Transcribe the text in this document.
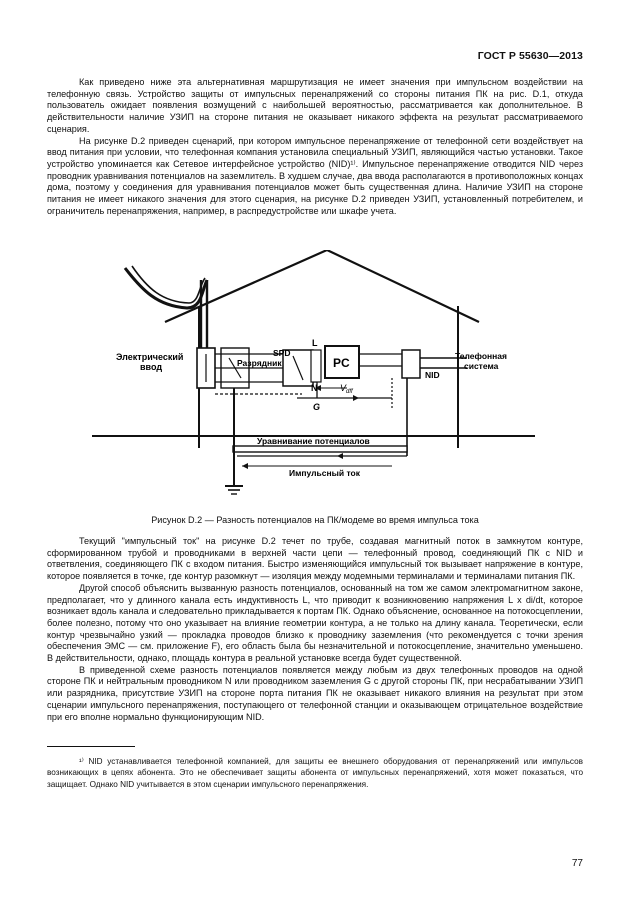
ГОСТ Р 55630—2013

Как приведено ниже эта альтернативная маршрутизация не имеет значения при импульсном воздействии на телефонную связь. Устройство защиты от импульсных перенапряжений со стороны питания ПК на рис. D.1, откуда пользователь ожидает появления возмущений с наибольшей вероятностью, рассматривается как дополнительное. В действительности наличие УЗИП на стороне питания не оказывает никакого эффекта на результат рассматриваемого сценария.

На рисунке D.2 приведен сценарий, при котором импульсное перенапряжение от телефонной сети воздействует на ввод питания при условии, что телефонная компания установила специальный УЗИП, являющийся частью установки. Такое устройство упоминается как Сетевое интерфейсное устройство (NID)¹⁾. Импульсное перенапряжение отводится NID через проводник уравнивания потенциалов на заземлитель. В худшем случае, два ввода располагаются в противоположных концах дома, поэтому у соединения для уравнивания потенциалов может быть существенная длина. Наличие УЗИП на стороне питания не имеет никакого значения для этого сценария, на рисунке D.2 приведен УЗИП, установленный потребителем, и ограничитель перенапряжения, например, в распредустройстве или шкафе учета.

Электрический
ввод
SPD
Разрядник	PC
L
N
G
NID
$V_{dff}$
Телефонная
система
Уравнивание потенциалов
Импульсный ток
Рисунок D.2 — Разность потенциалов на ПК/модеме во время импульса тока

Текущий "импульсный ток" на рисунке D.2 течет по трубе, создавая магнитный поток в замкнутом контуре, сформированном трубой и проводниками в верхней части цепи — телефонный провод, соединяющий ПК с NID и ответвления, соединяющего ПК с входом питания. Быстро изменяющийся импульсный ток вызывает напряжение в контуре, которое появляется в точке, где контур разомкнут — изоляция между модемными терминалами и терминалами питания ПК.

Другой способ объяснить вызванную разность потенциалов, основанный на том же самом электромагнитном законе, предполагает, что у длинного канала есть индуктивность L, что приводит к возникновению напряжения L x di/dt, которое возникает вдоль канала и следовательно прикладывается к портам ПК. Однако объяснение, основанное на потокосцеплении, более полезно, потому что оно указывает на влияние геометрии контура, а не только на длину канала. Теоретически, если контур чрезвычайно узкий — прокладка проводов близко к проводнику заземления (что рекомендуется с точки зрения обеспечения ЭМС — см. приложение F), его область была бы незначительной и потокосцепление, значительно уменьшено. В действительности, однако, площадь контура в реальной установке всегда будет существенной.

В приведенной схеме разность потенциалов появляется между любым из двух телефонных проводов на одной стороне ПК и нейтральным проводником N или проводником заземления G с другой стороны ПК, при несрабатывании УЗИП или разрядника, присутствие УЗИП на стороне порта питания ПК не оказывает никакого влияния на результат при этом сценарии импульсного перенапряжения, поступающего от телефонной станции и оказывающем отрицательное воздействие при его вполне нормально функционирующим NID.

¹⁾ NID устанавливается телефонной компанией, для защиты ее внешнего оборудования от перенапряжений или импульсов возникающих в цепях абонента. Это не обеспечивает защиты абонента от импульсных перенапряжений, хотя может показаться, что защищает. Однако NID учитывается в этом сценарии импульсного перенапряжения.

77
